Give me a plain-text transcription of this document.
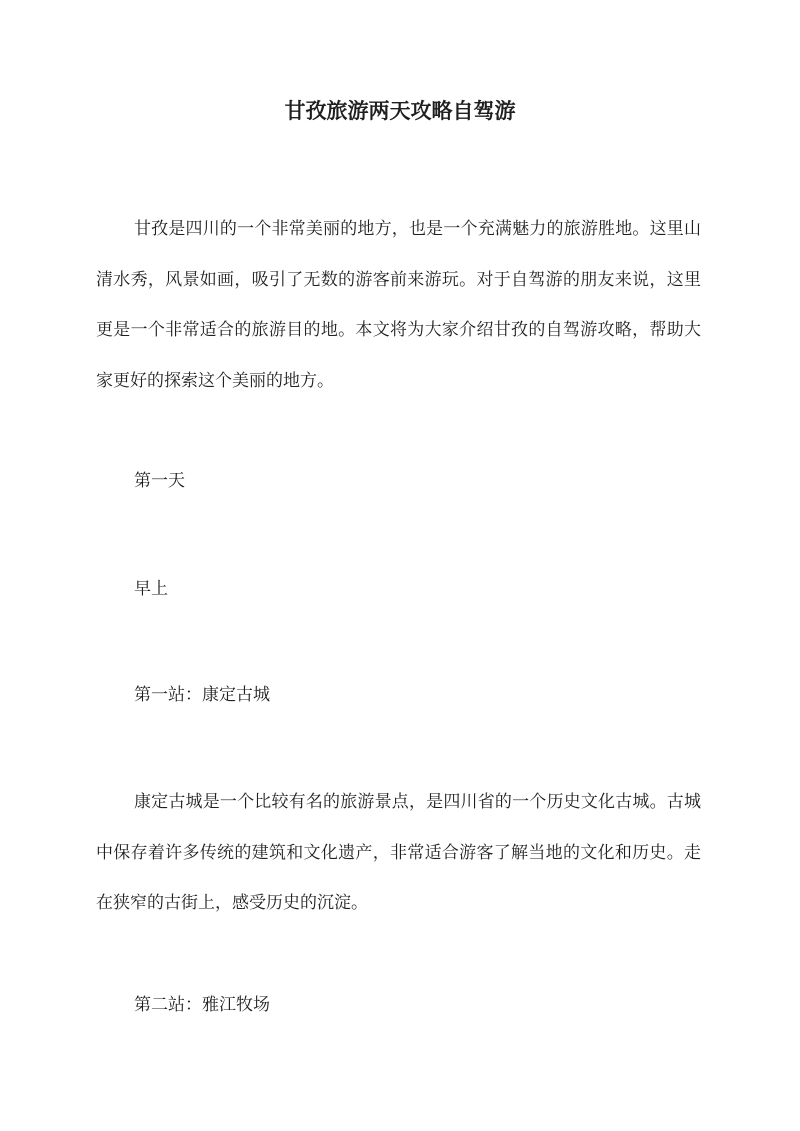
甘孜旅游两天攻略自驾游

甘孜是四川的一个非常美丽的地方，也是一个充满魅力的旅游胜地。这里山清水秀，风景如画，吸引了无数的游客前来游玩。对于自驾游的朋友来说，这里更是一个非常适合的旅游目的地。本文将为大家介绍甘孜的自驾游攻略，帮助大家更好的探索这个美丽的地方。

第一天

早上

第一站：康定古城

康定古城是一个比较有名的旅游景点，是四川省的一个历史文化古城。古城中保存着许多传统的建筑和文化遗产，非常适合游客了解当地的文化和历史。走在狭窄的古街上，感受历史的沉淀。

第二站：雅江牧场
